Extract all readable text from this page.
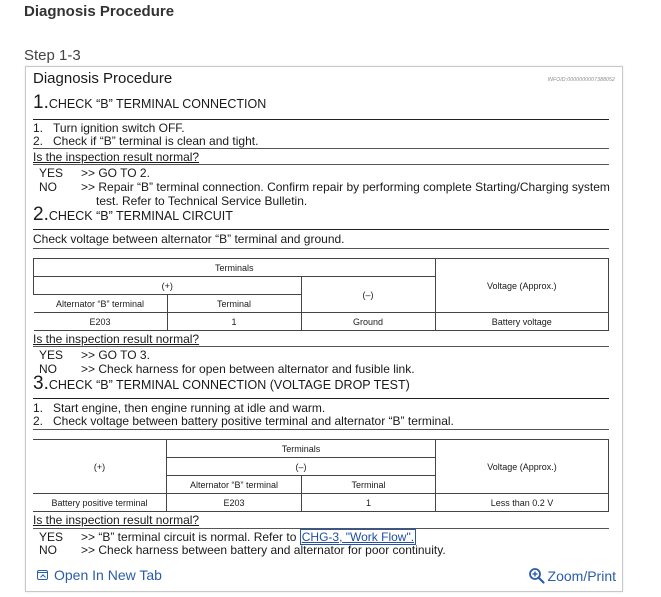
Diagnosis Procedure
Step 1-3
Diagnosis Procedure	INFOID:0000000007388052
1.CHECK “B” TERMINAL CONNECTION
1.   Turn ignition switch OFF.
2.   Check if “B” terminal is clean and tight.
Is the inspection result normal?
YES >> GO TO 2.
NO >> Repair “B” terminal connection. Confirm repair by performing complete Starting/Charging system
test. Refer to Technical Service Bulletin.
2.CHECK “B” TERMINAL CIRCUIT
Check voltage between alternator “B” terminal and ground.
Terminals			Voltage (Approx.)
(+)		(–)	
Alternator “B” terminal	Terminal		
E203	1	Ground	Battery voltage
Is the inspection result normal?
YES >> GO TO 3.
NO >> Check harness for open between alternator and fusible link.
3.CHECK “B” TERMINAL CONNECTION (VOLTAGE DROP TEST)
1.   Start engine, then engine running at idle and warm.
2.   Check voltage between battery positive terminal and alternator “B” terminal.
(+)	Terminals		Voltage (Approx.)
	(–)		
	Alternator “B” terminal	Terminal	
Battery positive terminal	E203	1	Less than 0.2 V
Is the inspection result normal?
YES >> “B” terminal circuit is normal. Refer to CHG-3, "Work Flow".
NO >> Check harness between battery and alternator for poor continuity.
Open In New Tab	Zoom/Print
